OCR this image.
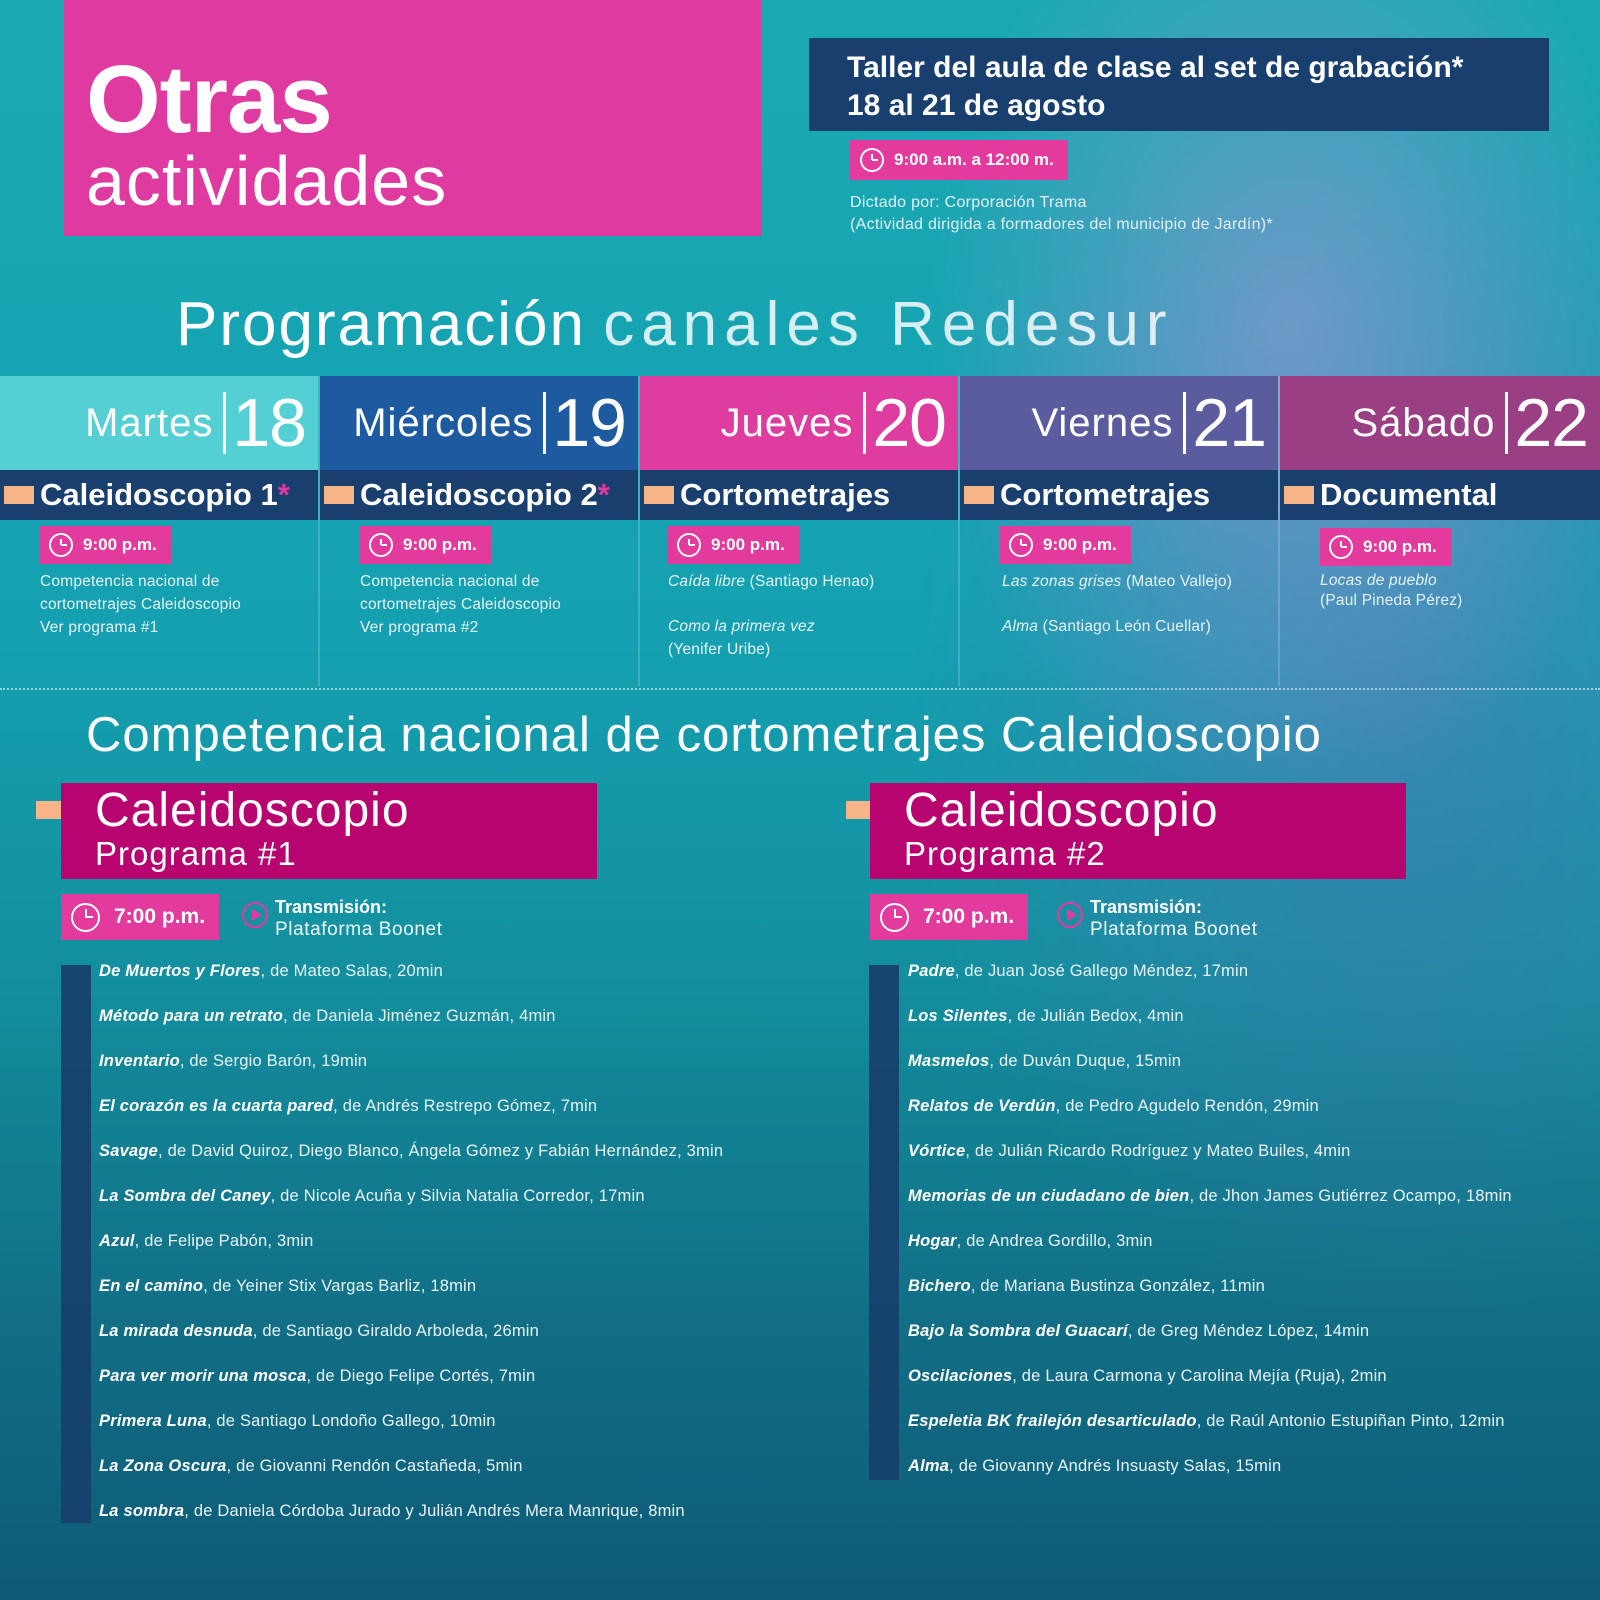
Otras
actividades
Taller del aula de clase al set de grabación*
18 al 21 de agosto
9:00 a.m. a 12:00 m.
Dictado por: Corporación Trama
(Actividad dirigida a formadores del municipio de Jardín)*
Programación canales Redesur
Martes 18
Caleidoscopio 1*
9:00 p.m.
Competencia nacional de
cortometrajes Caleidoscopio
Ver programa #1
Miércoles 19
Caleidoscopio 2*
9:00 p.m.
Competencia nacional de
cortometrajes Caleidoscopio
Ver programa #2
Jueves 20
Cortometrajes
9:00 p.m.
Caída libre (Santiago Henao)
Como la primera vez
(Yenifer Uribe)
Viernes 21
Cortometrajes
9:00 p.m.
Las zonas grises (Mateo Vallejo)
Alma (Santiago León Cuellar)
Sábado 22
Documental
9:00 p.m.
Locas de pueblo
(Paul Pineda Pérez)
Competencia nacional de cortometrajes Caleidoscopio
Caleidoscopio
Programa #1
7:00 p.m.	Transmisión:
Plataforma Boonet
De Muertos y Flores, de Mateo Salas, 20min
Método para un retrato, de Daniela Jiménez Guzmán, 4min
Inventario, de Sergio Barón, 19min
El corazón es la cuarta pared, de Andrés Restrepo Gómez, 7min
Savage, de David Quiroz, Diego Blanco, Ángela Gómez y Fabián Hernández, 3min
La Sombra del Caney, de Nicole Acuña y Silvia Natalia Corredor, 17min
Azul, de Felipe Pabón, 3min
En el camino, de Yeiner Stix Vargas Barliz, 18min
La mirada desnuda, de Santiago Giraldo Arboleda, 26min
Para ver morir una mosca, de Diego Felipe Cortés, 7min
Primera Luna, de Santiago Londoño Gallego, 10min
La Zona Oscura, de Giovanni Rendón Castañeda, 5min
La sombra, de Daniela Córdoba Jurado y Julián Andrés Mera Manrique, 8min
Caleidoscopio
Programa #2
7:00 p.m.	Transmisión:
Plataforma Boonet
Padre, de Juan José Gallego Méndez, 17min
Los Silentes, de Julián Bedox, 4min
Masmelos, de Duván Duque, 15min
Relatos de Verdún, de Pedro Agudelo Rendón, 29min
Vórtice, de Julián Ricardo Rodríguez y Mateo Builes, 4min
Memorias de un ciudadano de bien, de Jhon James Gutiérrez Ocampo, 18min
Hogar, de Andrea Gordillo, 3min
Bichero, de Mariana Bustinza González, 11min
Bajo la Sombra del Guacarí, de Greg Méndez López, 14min
Oscilaciones, de Laura Carmona y Carolina Mejía (Ruja), 2min
Espeletia BK frailejón desarticulado, de Raúl Antonio Estupiñan Pinto, 12min
Alma, de Giovanny Andrés Insuasty Salas, 15min
